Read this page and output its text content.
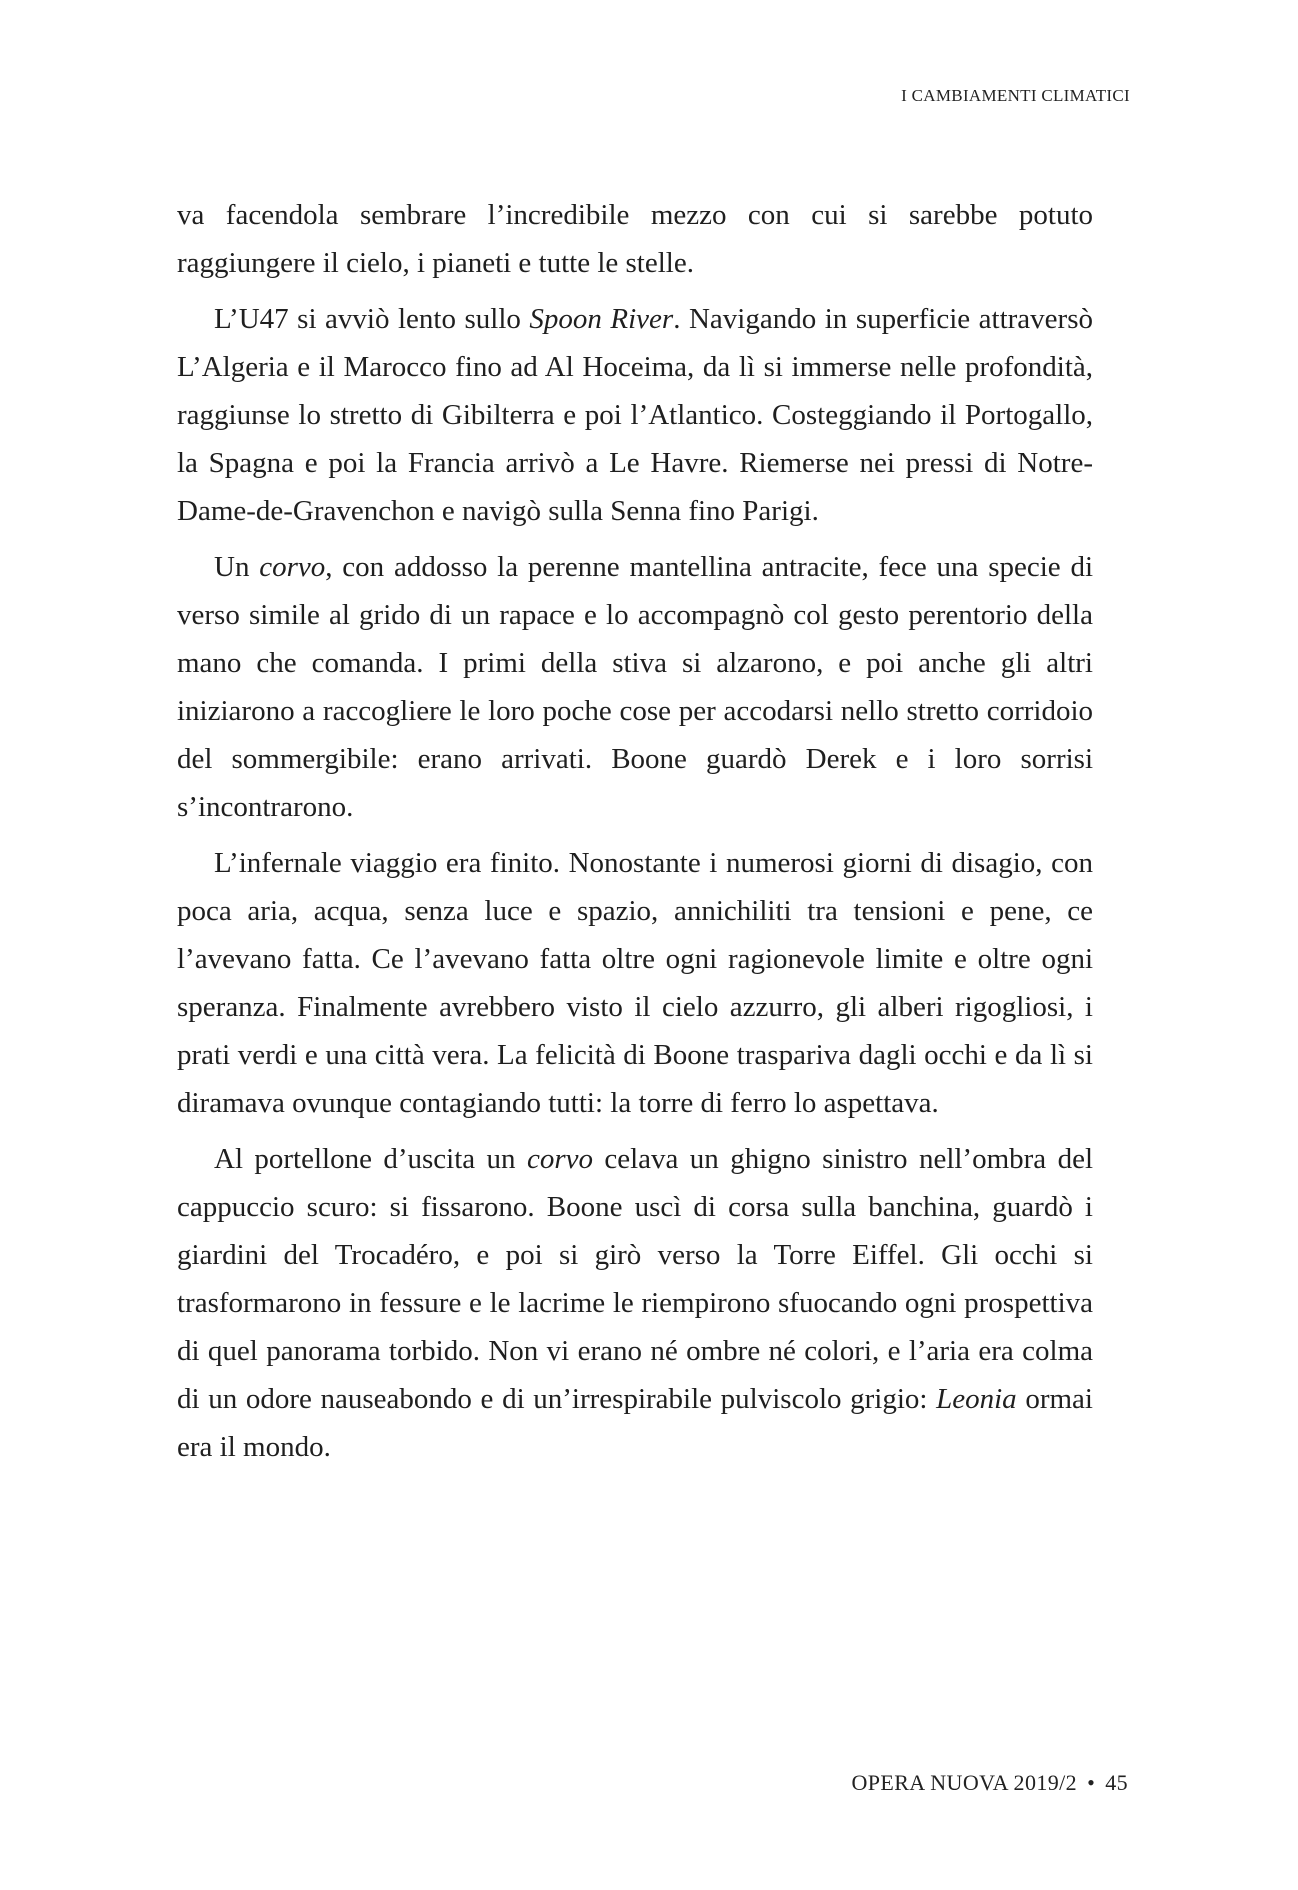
I CAMBIAMENTI CLIMATICI

va facendola sembrare l’incredibile mezzo con cui si sarebbe potuto raggiungere il cielo, i pianeti e tutte le stelle.

L’U47 si avviò lento sullo Spoon River. Navigando in superficie attraversò L’Algeria e il Marocco fino ad Al Hoceima, da lì si immerse nelle profondità, raggiunse lo stretto di Gibilterra e poi l’Atlantico. Costeggiando il Portogallo, la Spagna e poi la Francia arrivò a Le Havre. Riemerse nei pressi di Notre-Dame-de-Gravenchon e navigò sulla Senna fino Parigi.

Un corvo, con addosso la perenne mantellina antracite, fece una specie di verso simile al grido di un rapace e lo accompagnò col gesto perentorio della mano che comanda. I primi della stiva si alzarono, e poi anche gli altri iniziarono a raccogliere le loro poche cose per accodarsi nello stretto corridoio del sommergibile: erano arrivati. Boone guardò Derek e i loro sorrisi s’incontrarono.

L’infernale viaggio era finito. Nonostante i numerosi giorni di disagio, con poca aria, acqua, senza luce e spazio, annichiliti tra tensioni e pene, ce l’avevano fatta. Ce l’avevano fatta oltre ogni ragionevole limite e oltre ogni speranza. Finalmente avrebbero visto il cielo azzurro, gli alberi rigogliosi, i prati verdi e una città vera. La felicità di Boone traspariva dagli occhi e da lì si diramava ovunque contagiando tutti: la torre di ferro lo aspettava.

Al portellone d’uscita un corvo celava un ghigno sinistro nell’ombra del cappuccio scuro: si fissarono. Boone uscì di corsa sulla banchina, guardò i giardini del Trocadéro, e poi si girò verso la Torre Eiffel. Gli occhi si trasformarono in fessure e le lacrime le riempirono sfuocando ogni prospettiva di quel panorama torbido. Non vi erano né ombre né colori, e l’aria era colma di un odore nauseabondo e di un’irrespirabile pulviscolo grigio: Leonia ormai era il mondo.

OPERA NUOVA 2019/2 • 45
